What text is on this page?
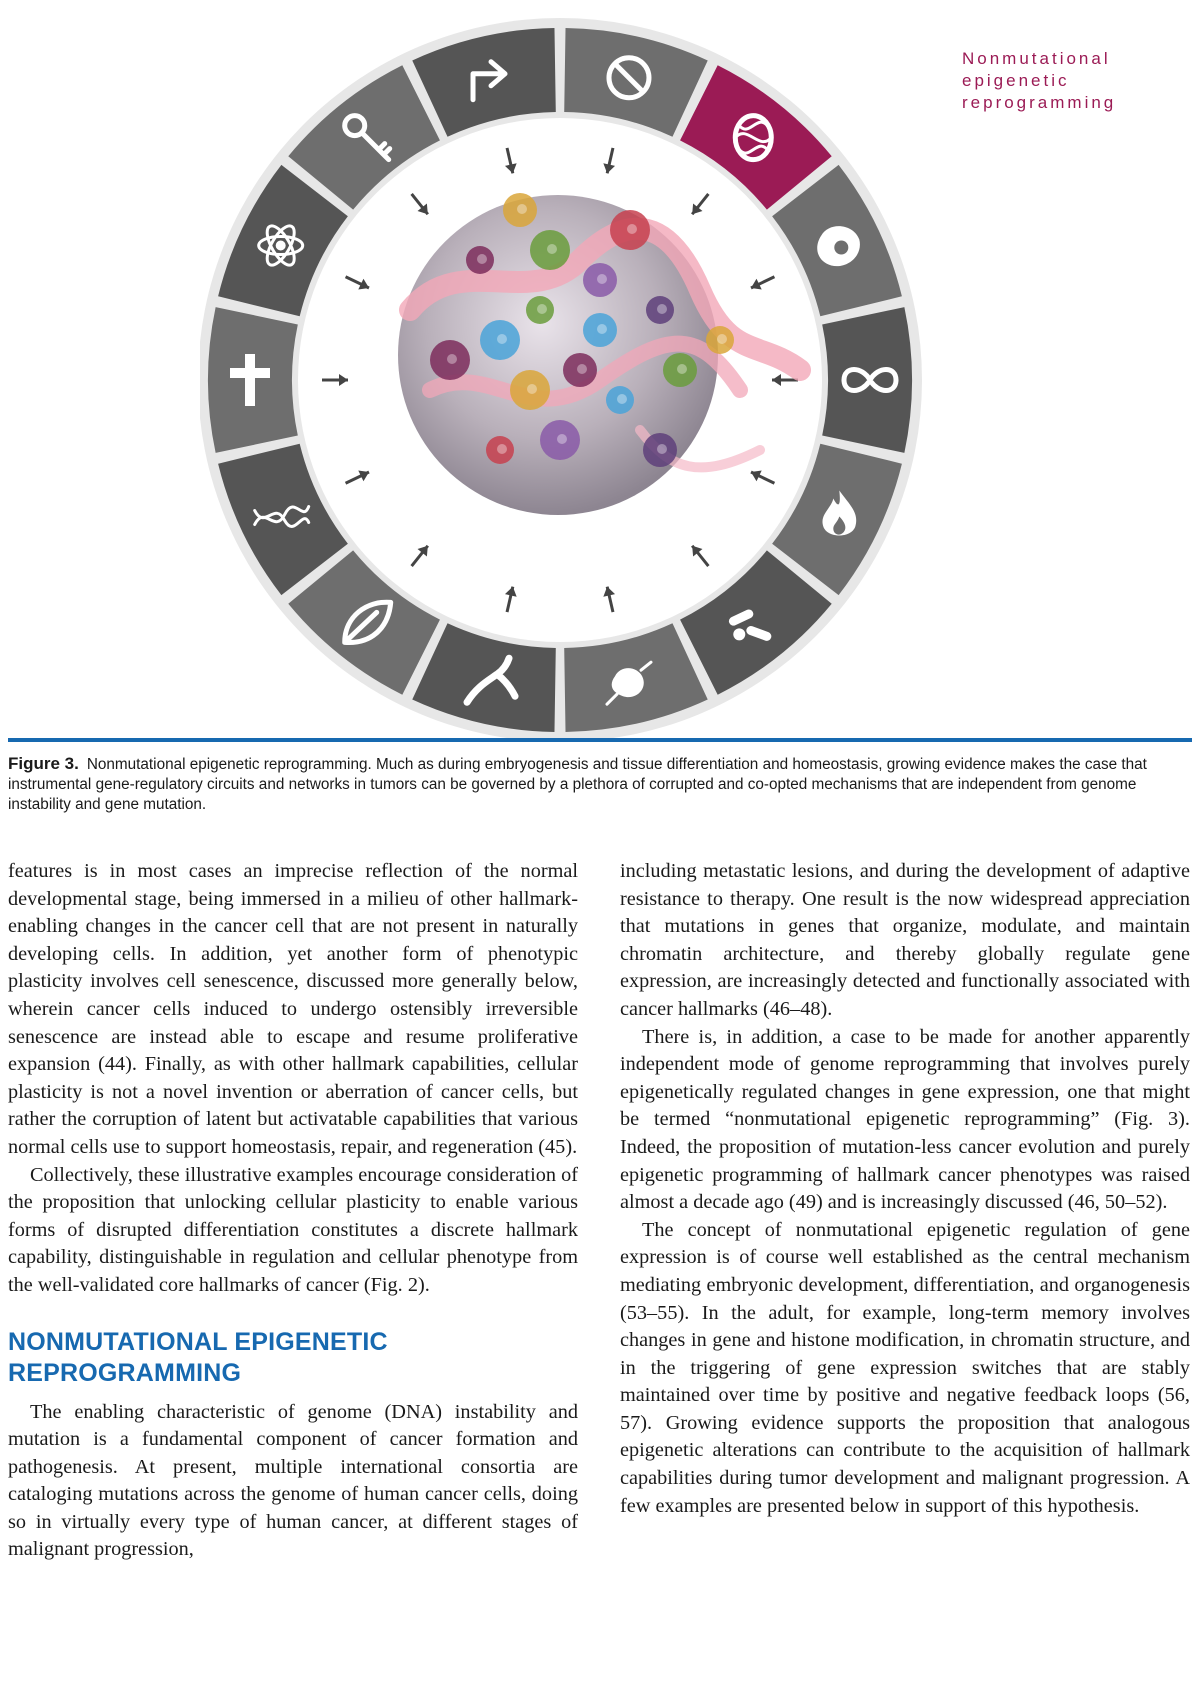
Nonmutational
epigenetic reprogramming
Figure 3. Nonmutational epigenetic reprogramming. Much as during embryogenesis and tissue differentiation and homeostasis, growing evidence makes the case that instrumental gene-regulatory circuits and networks in tumors can be governed by a plethora of corrupted and co-opted mechanisms that are independent from genome instability and gene mutation.

features is in most cases an imprecise reflection of the normal developmental stage, being immersed in a milieu of other hallmark-enabling changes in the cancer cell that are not present in naturally developing cells. In addition, yet another form of phenotypic plasticity involves cell senescence, discussed more generally below, wherein cancer cells induced to undergo ostensibly irreversible senescence are instead able to escape and resume proliferative expansion (44). Finally, as with other hallmark capabilities, cellular plasticity is not a novel invention or aberration of cancer cells, but rather the corruption of latent but activatable capabilities that various normal cells use to support homeostasis, repair, and regeneration (45).

Collectively, these illustrative examples encourage consideration of the proposition that unlocking cellular plasticity to enable various forms of disrupted differentiation constitutes a discrete hallmark capability, distinguishable in regulation and cellular phenotype from the well-validated core hallmarks of cancer (Fig. 2).

NONMUTATIONAL EPIGENETIC
REPROGRAMMING

The enabling characteristic of genome (DNA) instability and mutation is a fundamental component of cancer formation and pathogenesis. At present, multiple international consortia are cataloging mutations across the genome of human cancer cells, doing so in virtually every type of human cancer, at different stages of malignant progression,

including metastatic lesions, and during the development of adaptive resistance to therapy. One result is the now widespread appreciation that mutations in genes that organize, modulate, and maintain chromatin architecture, and thereby globally regulate gene expression, are increasingly detected and functionally associated with cancer hallmarks (46–48).

There is, in addition, a case to be made for another apparently independent mode of genome reprogramming that involves purely epigenetically regulated changes in gene expression, one that might be termed “nonmutational epigenetic reprogramming” (Fig. 3). Indeed, the proposition of mutation-less cancer evolution and purely epigenetic programming of hallmark cancer phenotypes was raised almost a decade ago (49) and is increasingly discussed (46, 50–52).

The concept of nonmutational epigenetic regulation of gene expression is of course well established as the central mechanism mediating embryonic development, differentiation, and organogenesis (53–55). In the adult, for example, long-term memory involves changes in gene and histone modification, in chromatin structure, and in the triggering of gene expression switches that are stably maintained over time by positive and negative feedback loops (56, 57). Growing evidence supports the proposition that analogous epigenetic alterations can contribute to the acquisition of hallmark capabilities during tumor development and malignant progression. A few examples are presented below in support of this hypothesis.
